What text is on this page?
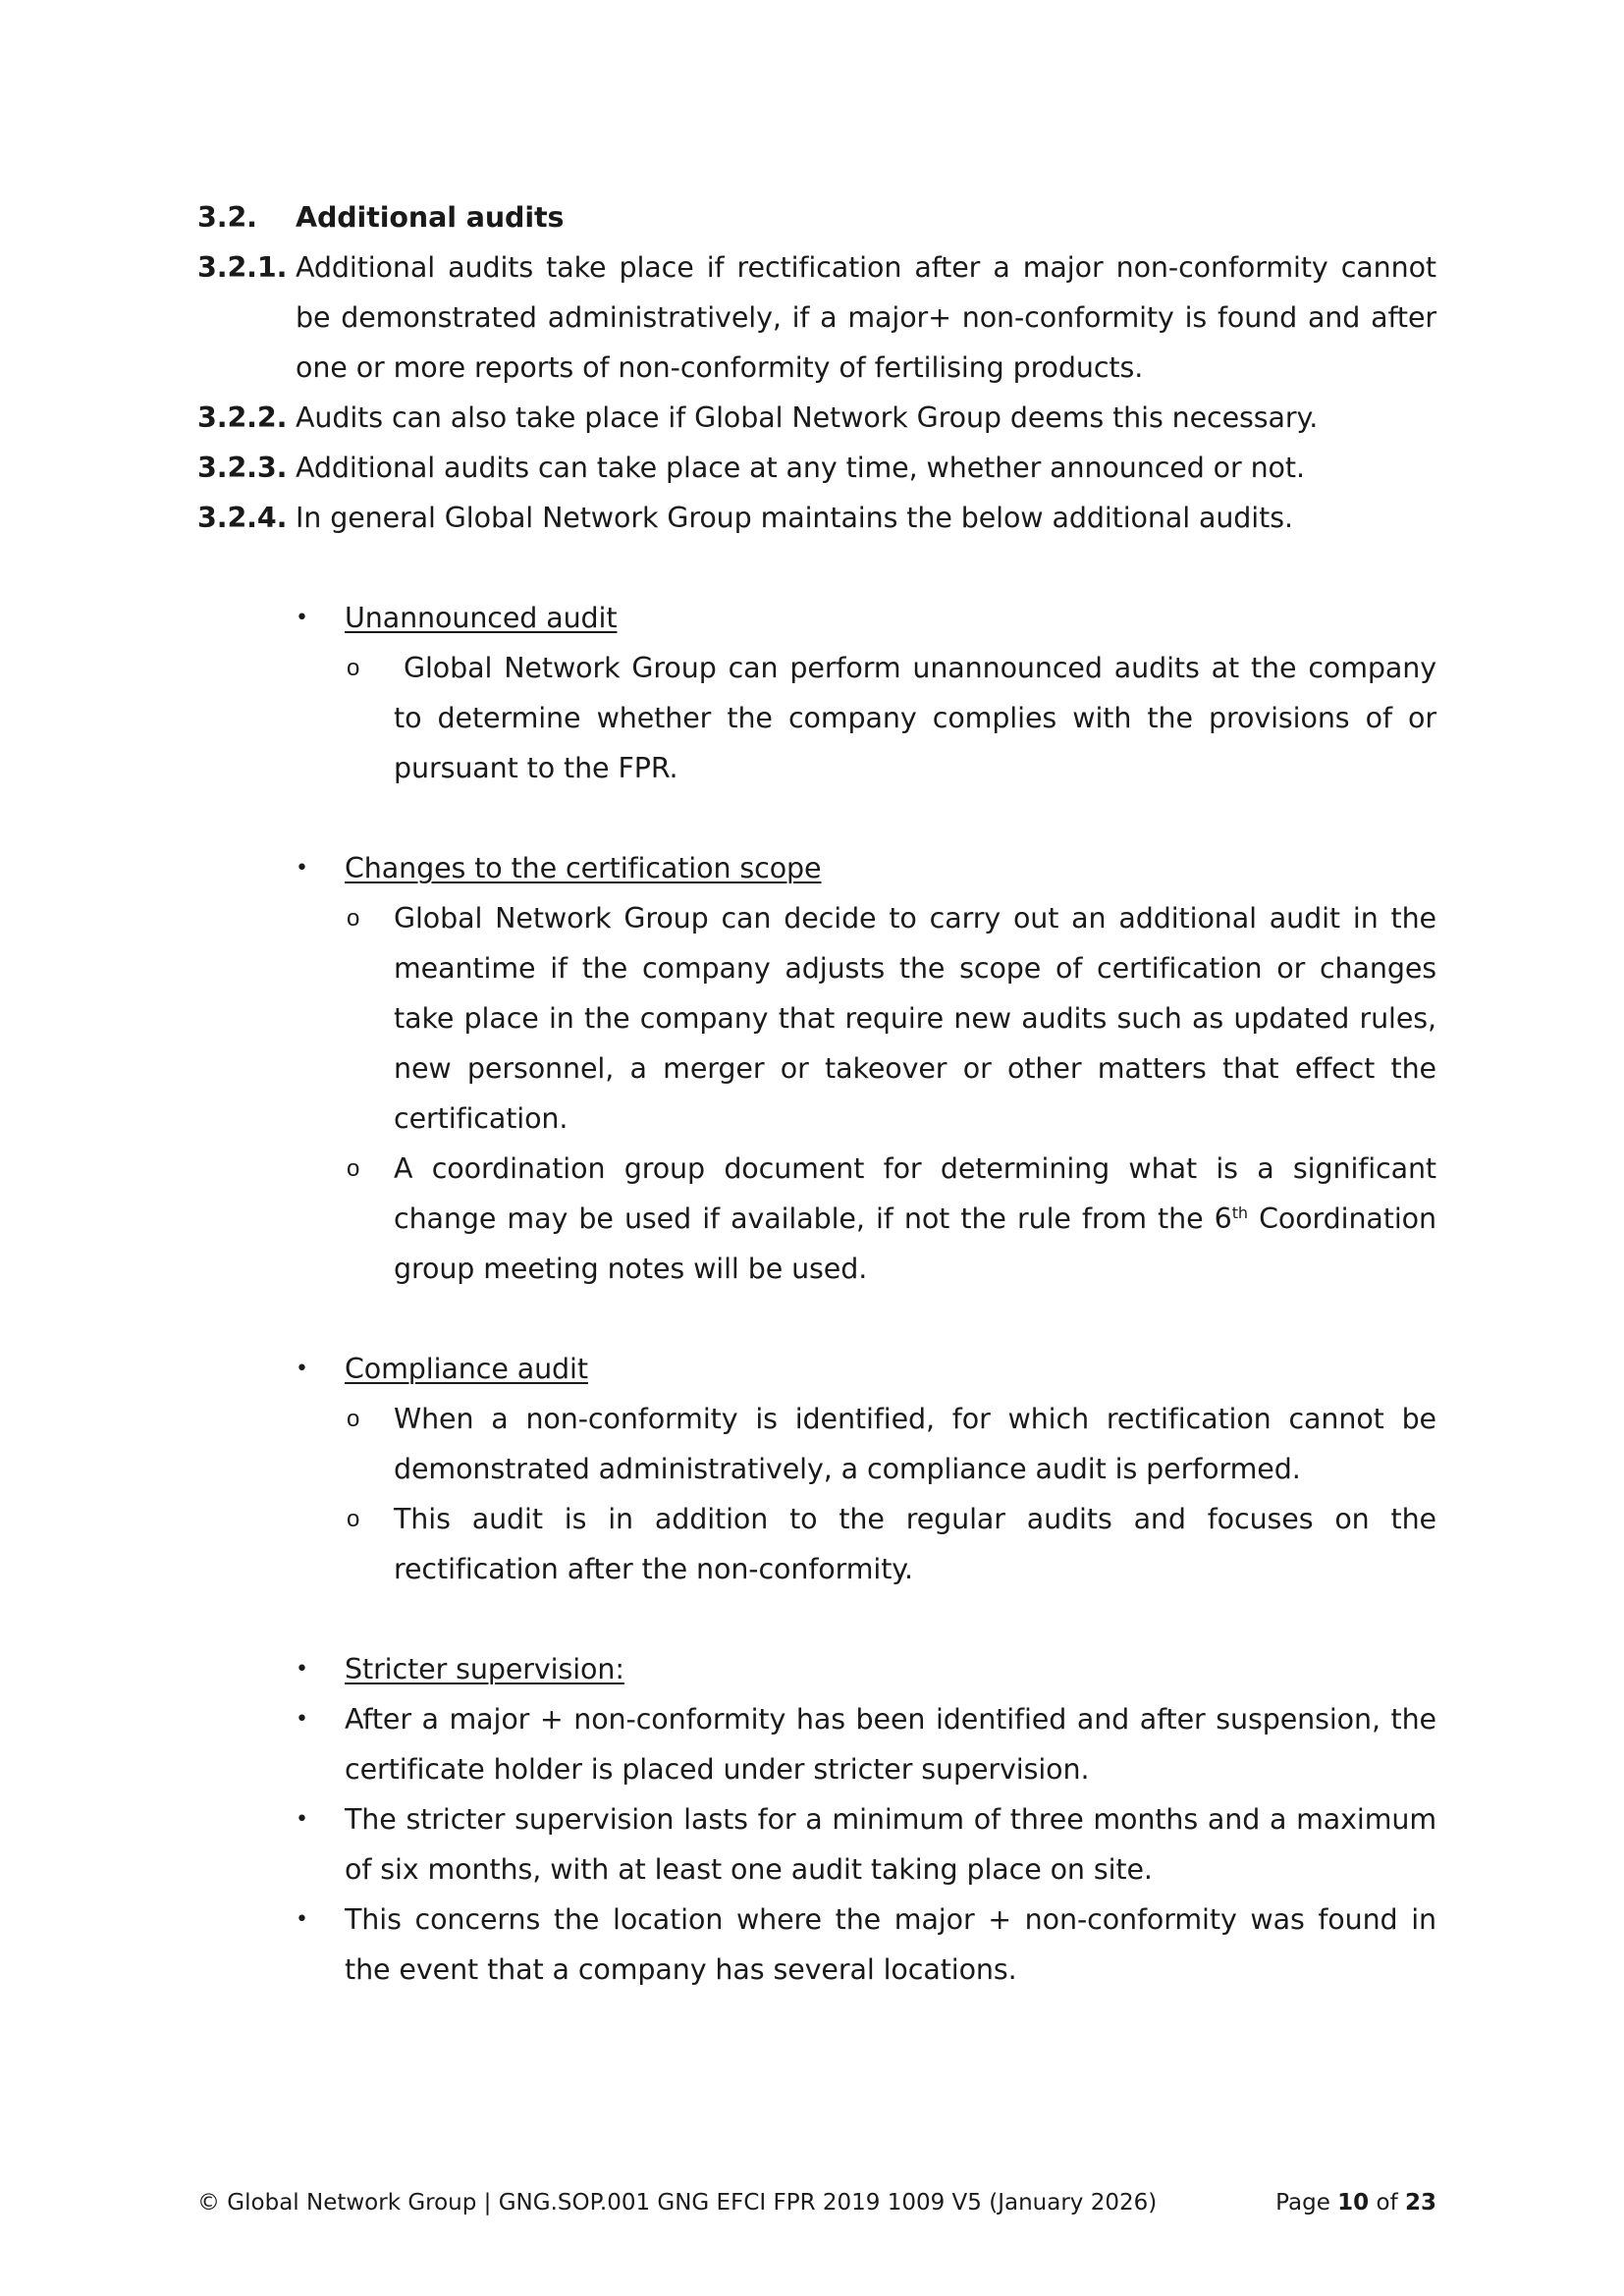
3.2.	Additional audits
3.2.1. Additional audits take place if rectification after a major non-conformity cannot be demonstrated administratively, if a major+ non-conformity is found and after one or more reports of non-conformity of fertilising products.
3.2.2. Audits can also take place if Global Network Group deems this necessary.
3.2.3. Additional audits can take place at any time, whether announced or not.
3.2.4. In general Global Network Group maintains the below additional audits.
•	Unannounced audit
o	Global Network Group can perform unannounced audits at the company to determine whether the company complies with the provisions of or pursuant to the FPR.
•	Changes to the certification scope
o	Global Network Group can decide to carry out an additional audit in the meantime if the company adjusts the scope of certification or changes take place in the company that require new audits such as updated rules, new personnel, a merger or takeover or other matters that effect the certification.
o	A coordination group document for determining what is a significant change may be used if available, if not the rule from the 6th Coordination group meeting notes will be used.
•	Compliance audit
o	When a non-conformity is identified, for which rectification cannot be demonstrated administratively, a compliance audit is performed.
o	This audit is in addition to the regular audits and focuses on the rectification after the non-conformity.
•	Stricter supervision:
•	After a major + non-conformity has been identified and after suspension, the certificate holder is placed under stricter supervision.
•	The stricter supervision lasts for a minimum of three months and a maximum of six months, with at least one audit taking place on site.
•	This concerns the location where the major + non-conformity was found in the event that a company has several locations.
© Global Network Group | GNG.SOP.001 GNG EFCI FPR 2019 1009 V5 (January 2026)	Page 10 of 23
